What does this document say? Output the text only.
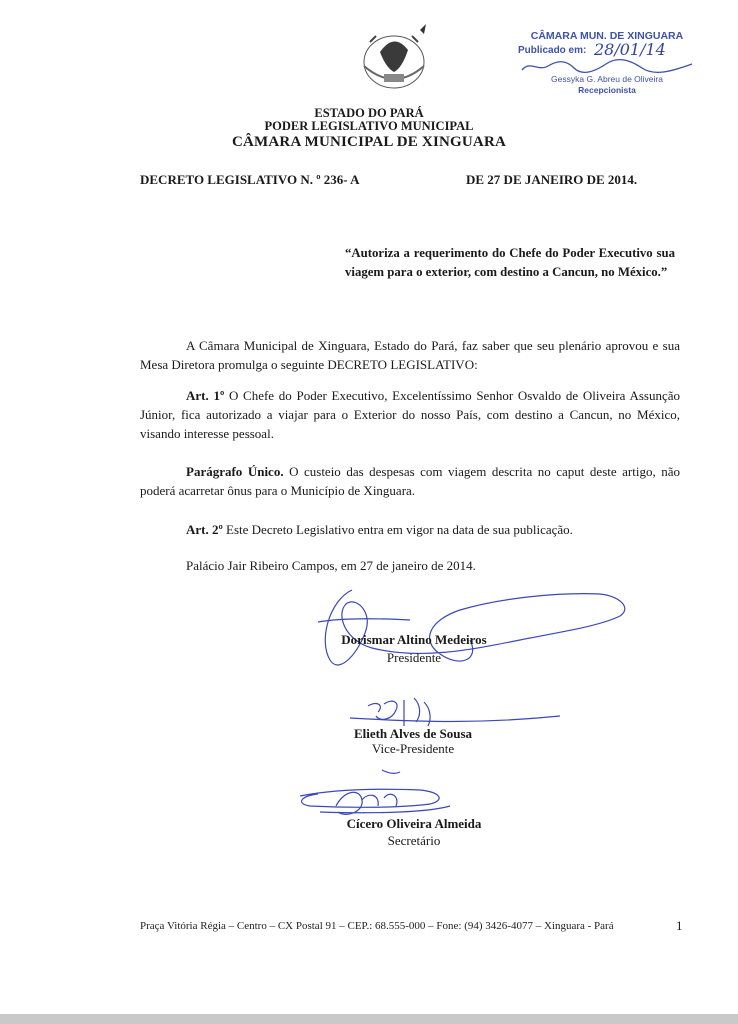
CÂMARA MUN. DE XINGUARA
Publicado em: 28/01/14
Gessyka G. Abreu de Oliveira
Recepcionista
ESTADO DO PARÁ
PODER LEGISLATIVO MUNICIPAL
CÂMARA MUNICIPAL DE XINGUARA
DECRETO LEGISLATIVO N. º 236- A	DE 27 DE JANEIRO DE 2014.
“Autoriza a requerimento do Chefe do Poder Executivo sua viagem para o exterior, com destino a Cancun, no México.”
A Câmara Municipal de Xinguara, Estado do Pará, faz saber que seu plenário aprovou e sua Mesa Diretora promulga o seguinte DECRETO LEGISLATIVO:
Art. 1º O Chefe do Poder Executivo, Excelentíssimo Senhor Osvaldo de Oliveira Assunção Júnior, fica autorizado a viajar para o Exterior do nosso País, com destino a Cancun, no México, visando interesse pessoal.
Parágrafo Único. O custeio das despesas com viagem descrita no caput deste artigo, não poderá acarretar ônus para o Município de Xinguara.
Art. 2º Este Decreto Legislativo entra em vigor na data de sua publicação.
Palácio Jair Ribeiro Campos, em 27 de janeiro de 2014.
Dorismar Altino Medeiros
Presidente
Elieth Alves de Sousa
Vice-Presidente
Cícero Oliveira Almeida
Secretário
Praça Vitória Régia – Centro – CX Postal 91 – CEP.: 68.555-000 – Fone: (94) 3426-4077 – Xinguara - Pará	1
